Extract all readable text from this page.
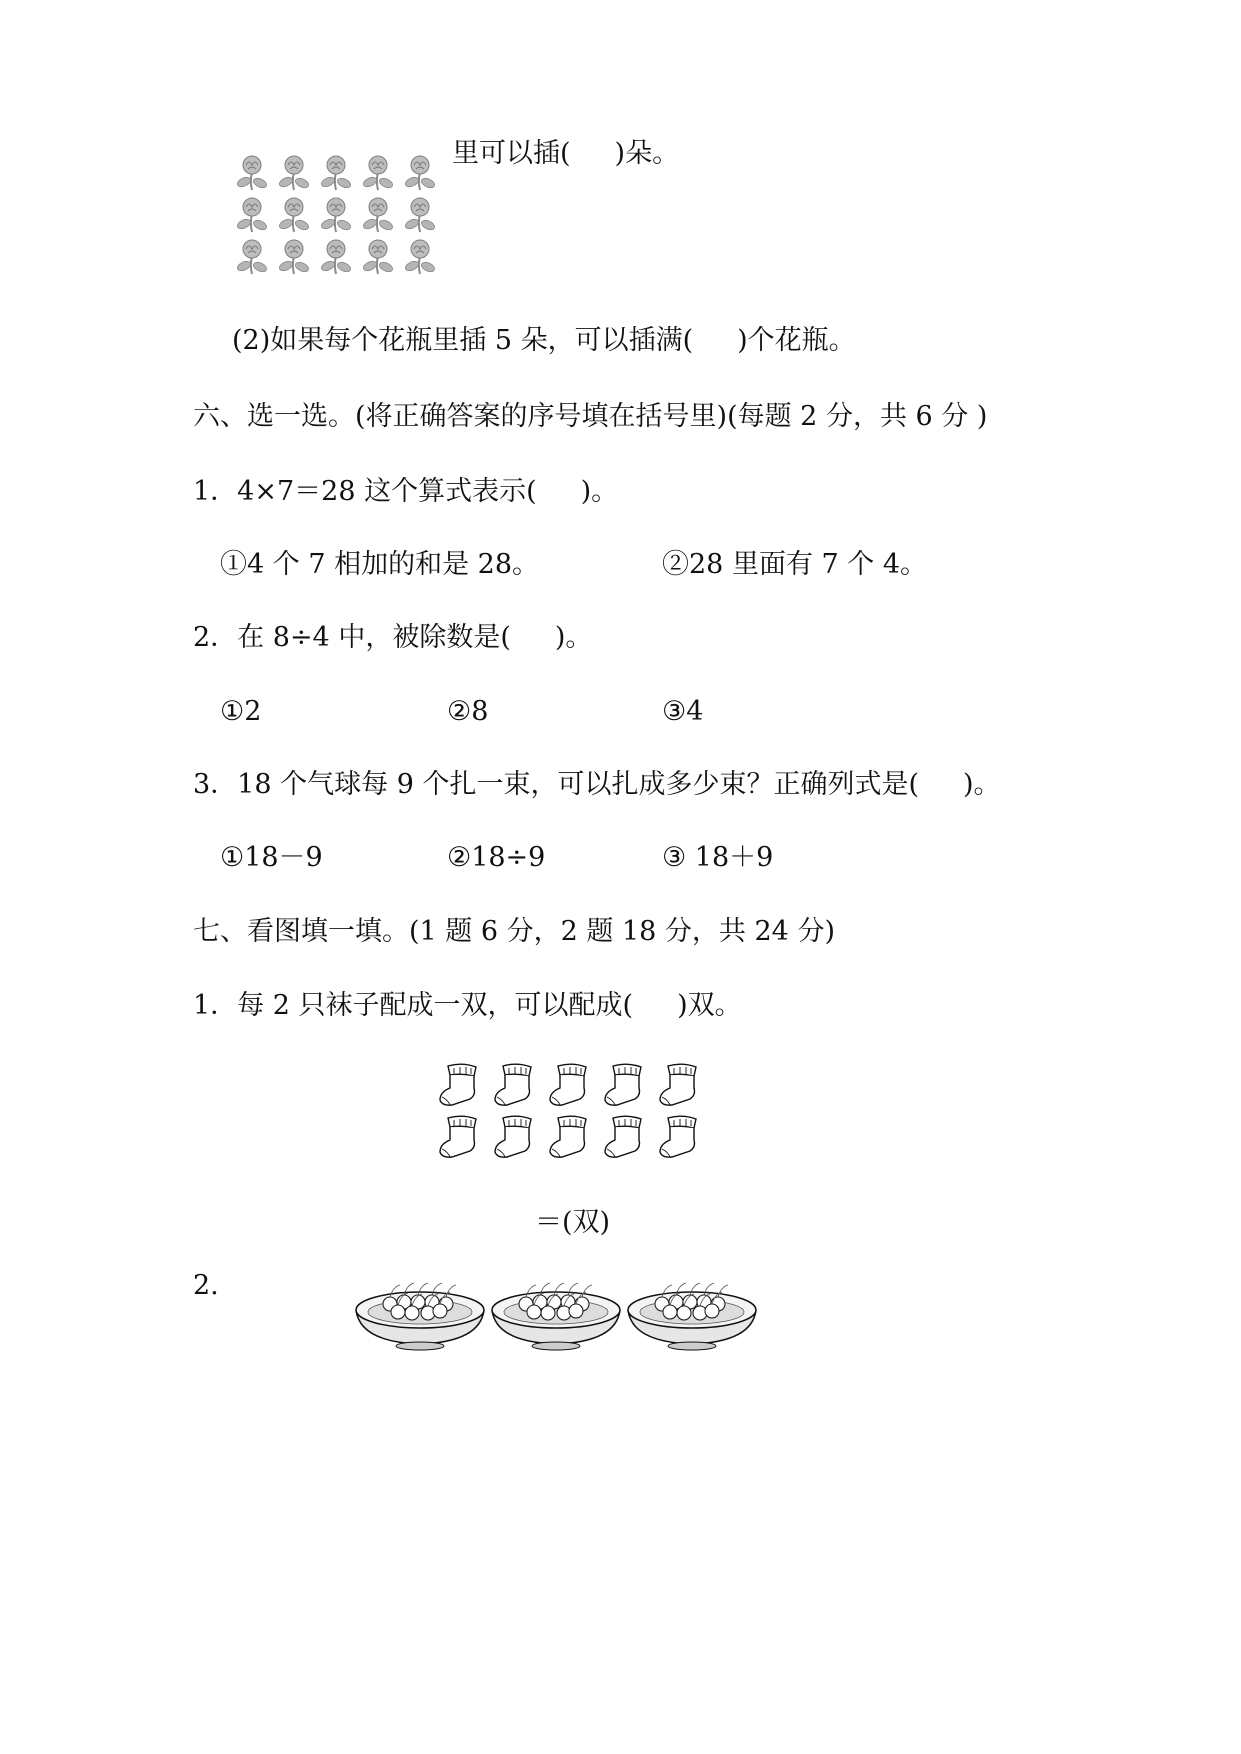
里可以插( )朵。
(2)如果每个花瓶里插 5 朵，可以插满( )个花瓶。
六、选一选。(将正确答案的序号填在括号里)(每题 2 分，共 6 分 )
1．4×7＝28 这个算式表示( )。
①4 个 7 相加的和是 28。	②28 里面有 7 个 4。
2．在 8÷4 中，被除数是( )。
①2	②8	③4
3．18 个气球每 9 个扎一束，可以扎成多少束？正确列式是( )。
①18－9	②18÷9	③ 18＋9
七、看图填一填。(1 题 6 分，2 题 18 分，共 24 分)
1．每 2 只袜子配成一双，可以配成( )双。
＝(双)
2.
